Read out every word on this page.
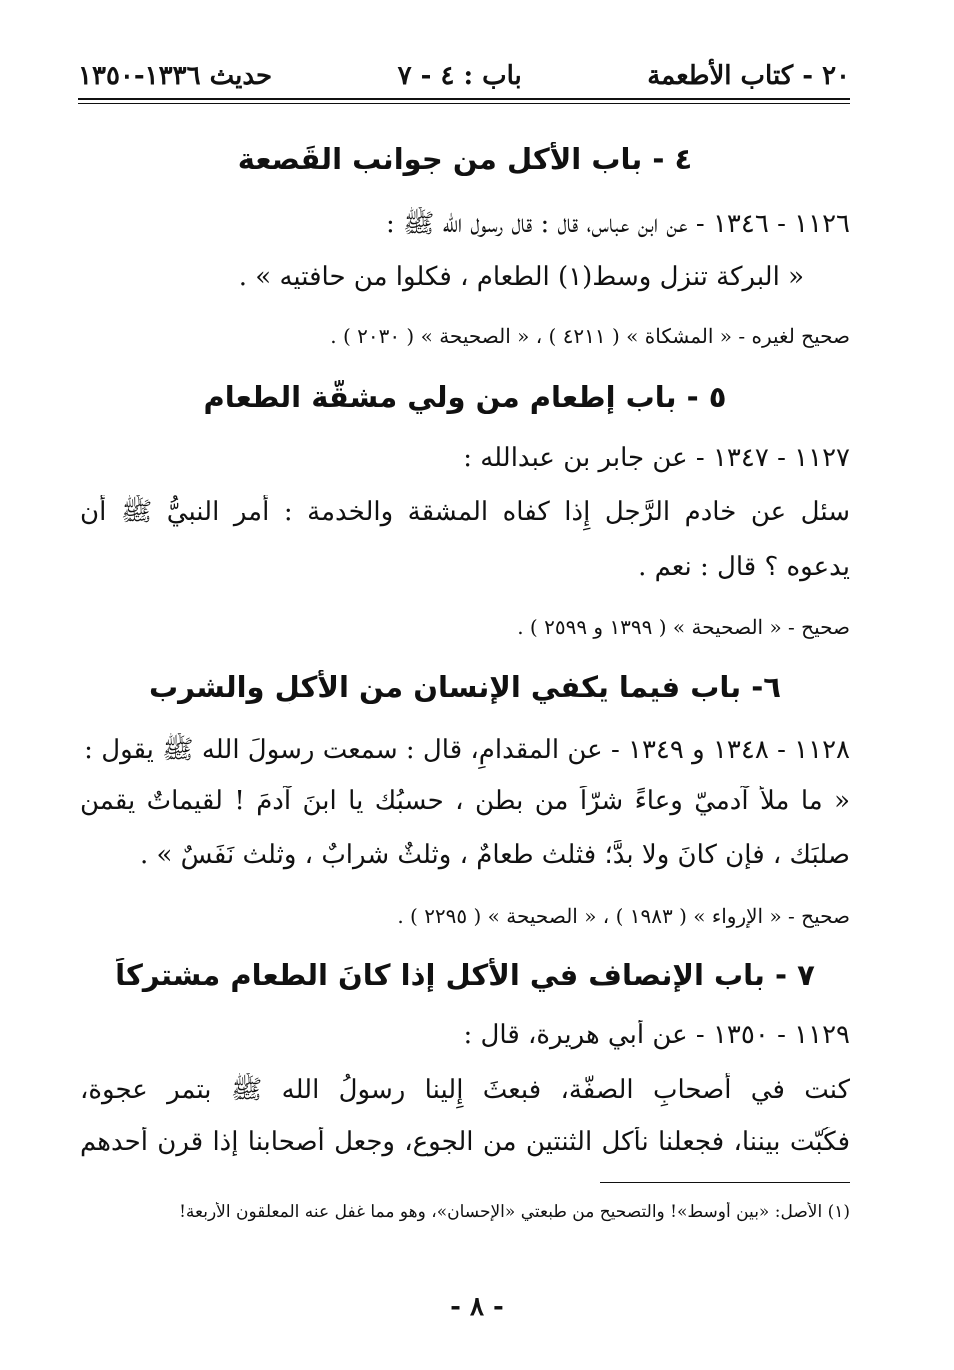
٢٠ - كتاب الأطعمة
باب : ٤ - ٧
حديث ١٣٣٦-١٣٥٠
٤ - باب الأَكل من جوانب القَصعة
١١٢٦ - ١٣٤٦ - عن ابن عباس، قال : قال رسول الله ﷺ :
« البركة تنزل وسط(١) الطعام ، فكلوا من حافتيه » .
صحيح لغيره - « المشكاة » ( ٤٢١١ ) ، « الصحيحة » ( ٢٠٣٠ ) .
٥ - باب إِطعام من ولي مشقّة الطعام
١١٢٧ - ١٣٤٧ - عن جابر بن عبدالله :
سئل عن خادم الرَّجل إِذا كفاه المشقة والخدمة : أَمر النبيُّ ﷺ أن
يدعوه ؟ قال : نعم .
صحيح - « الصحيحة » ( ١٣٩٩ و ٢٥٩٩ ) .
٦- باب فيما يكفي الإنسان من الأَكلِ والشرب
١١٢٨ - ١٣٤٨ و ١٣٤٩ - عن المقدامِ، قال : سمعت رسولَ الله ﷺ يقول :
« ما ملأَ آدميّ وعاءً شرّاً من بطن ، حسبُك يا ابنَ آدمَ ! لقيماتٌ يقمن
صلبَك ، فإن كانَ ولا بدَّ؛ فثلث طعامٌ ، وثلثٌ شرابٌ ، وثلث نَفَسٌ » .
صحيح - « الإرواء » ( ١٩٨٣ ) ، « الصحيحة » ( ٢٢٩٥ ) .
٧ - باب الإنصاف في الأَكل إِذا كانَ الطعام مشتركاً
١١٢٩ - ١٣٥٠ - عن أَبي هريرة، قال :
كنت في أَصحابِ الصفّة، فبعثَ إِلينا رسولُ الله ﷺ بتمر عجوة،
فكُبّت بيننا، فجعلنا نأكل الثنتين من الجوع، وجعل أَصحابنا إِذا قرن أَحدهم
(١) الأصل: «بين أوسط»! والتصحيح من طبعتي «الإحسان»، وهو مما غفل عنه المعلقون الأربعة!
- ٨ -
